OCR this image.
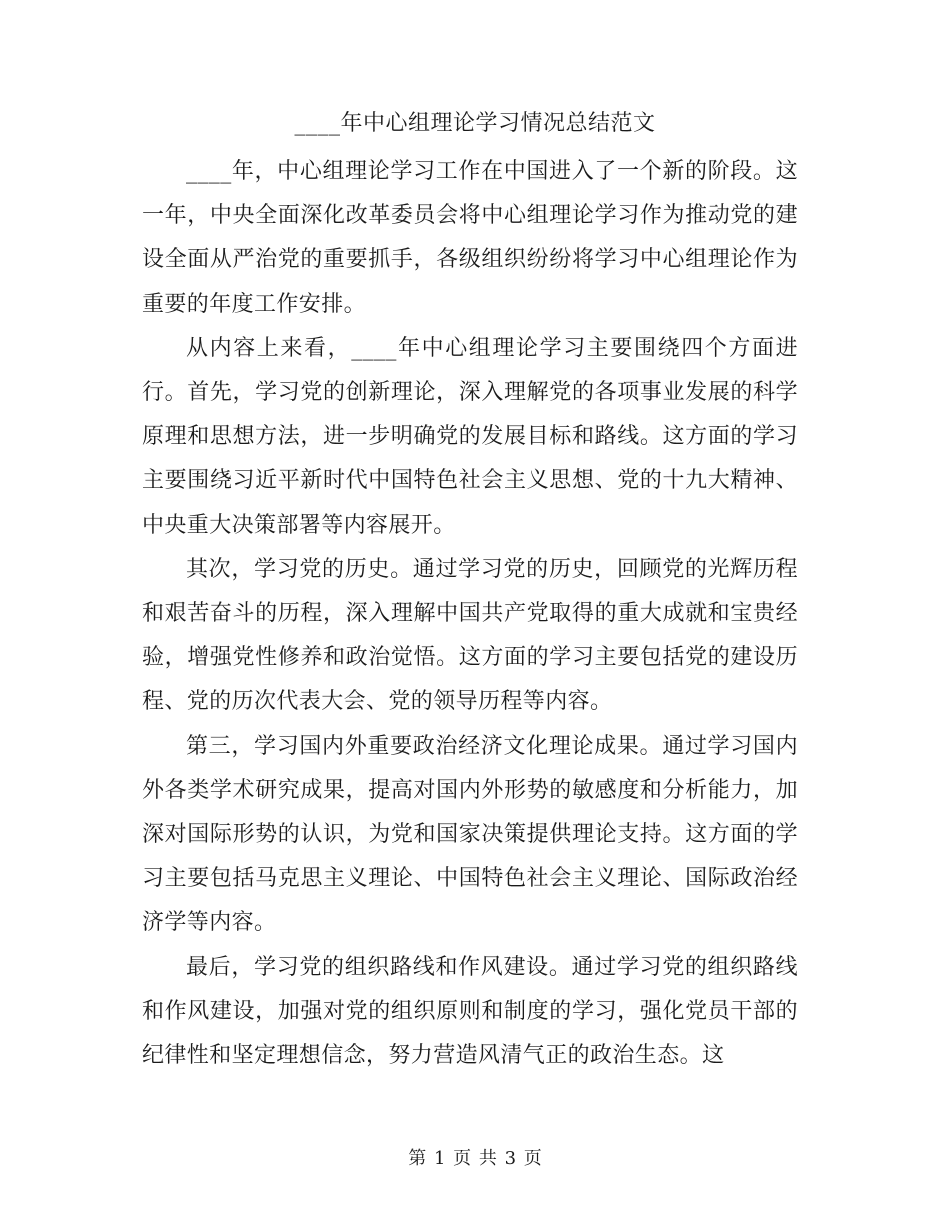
____年中心组理论学习情况总结范文

____年，中心组理论学习工作在中国进入了一个新的阶段。这一年，中央全面深化改革委员会将中心组理论学习作为推动党的建设全面从严治党的重要抓手，各级组织纷纷将学习中心组理论作为重要的年度工作安排。

从内容上来看，____年中心组理论学习主要围绕四个方面进行。首先，学习党的创新理论，深入理解党的各项事业发展的科学原理和思想方法，进一步明确党的发展目标和路线。这方面的学习主要围绕习近平新时代中国特色社会主义思想、党的十九大精神、中央重大决策部署等内容展开。

其次，学习党的历史。通过学习党的历史，回顾党的光辉历程和艰苦奋斗的历程，深入理解中国共产党取得的重大成就和宝贵经验，增强党性修养和政治觉悟。这方面的学习主要包括党的建设历程、党的历次代表大会、党的领导历程等内容。

第三，学习国内外重要政治经济文化理论成果。通过学习国内外各类学术研究成果，提高对国内外形势的敏感度和分析能力，加深对国际形势的认识，为党和国家决策提供理论支持。这方面的学习主要包括马克思主义理论、中国特色社会主义理论、国际政治经济学等内容。

最后，学习党的组织路线和作风建设。通过学习党的组织路线和作风建设，加强对党的组织原则和制度的学习，强化党员干部的纪律性和坚定理想信念，努力营造风清气正的政治生态。这

第 1 页 共 3 页
